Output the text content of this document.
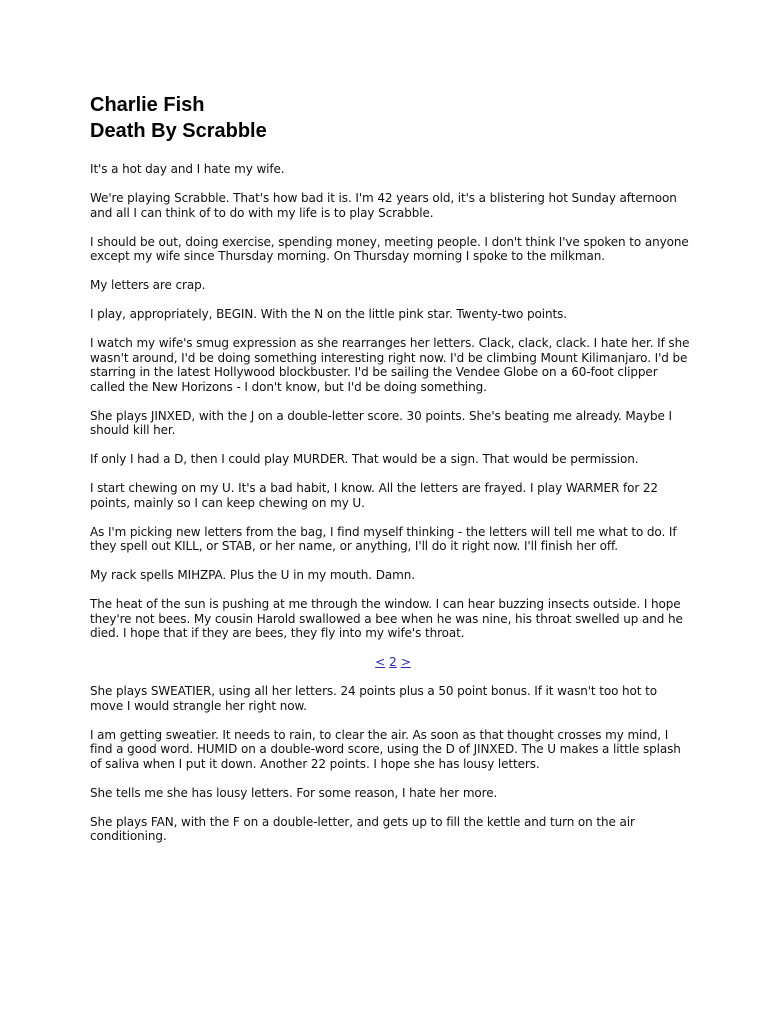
Charlie Fish
Death By Scrabble

It's a hot day and I hate my wife.

We're playing Scrabble. That's how bad it is. I'm 42 years old, it's a blistering hot Sunday afternoon and all I can think of to do with my life is to play Scrabble.

I should be out, doing exercise, spending money, meeting people. I don't think I've spoken to anyone except my wife since Thursday morning. On Thursday morning I spoke to the milkman.

My letters are crap.

I play, appropriately, BEGIN. With the N on the little pink star. Twenty-two points.

I watch my wife's smug expression as she rearranges her letters. Clack, clack, clack. I hate her. If she wasn't around, I'd be doing something interesting right now. I'd be climbing Mount Kilimanjaro. I'd be starring in the latest Hollywood blockbuster. I'd be sailing the Vendee Globe on a 60-foot clipper called the New Horizons - I don't know, but I'd be doing something.

She plays JINXED, with the J on a double-letter score. 30 points. She's beating me already. Maybe I should kill her.

If only I had a D, then I could play MURDER. That would be a sign. That would be permission.

I start chewing on my U. It's a bad habit, I know. All the letters are frayed. I play WARMER for 22 points, mainly so I can keep chewing on my U.

As I'm picking new letters from the bag, I find myself thinking - the letters will tell me what to do. If they spell out KILL, or STAB, or her name, or anything, I'll do it right now. I'll finish her off.

My rack spells MIHZPA. Plus the U in my mouth. Damn.

The heat of the sun is pushing at me through the window. I can hear buzzing insects outside. I hope they're not bees. My cousin Harold swallowed a bee when he was nine, his throat swelled up and he died. I hope that if they are bees, they fly into my wife's throat.

< 2 >

She plays SWEATIER, using all her letters. 24 points plus a 50 point bonus. If it wasn't too hot to move I would strangle her right now.

I am getting sweatier. It needs to rain, to clear the air. As soon as that thought crosses my mind, I find a good word. HUMID on a double-word score, using the D of JINXED. The U makes a little splash of saliva when I put it down. Another 22 points. I hope she has lousy letters.

She tells me she has lousy letters. For some reason, I hate her more.

She plays FAN, with the F on a double-letter, and gets up to fill the kettle and turn on the air conditioning.
